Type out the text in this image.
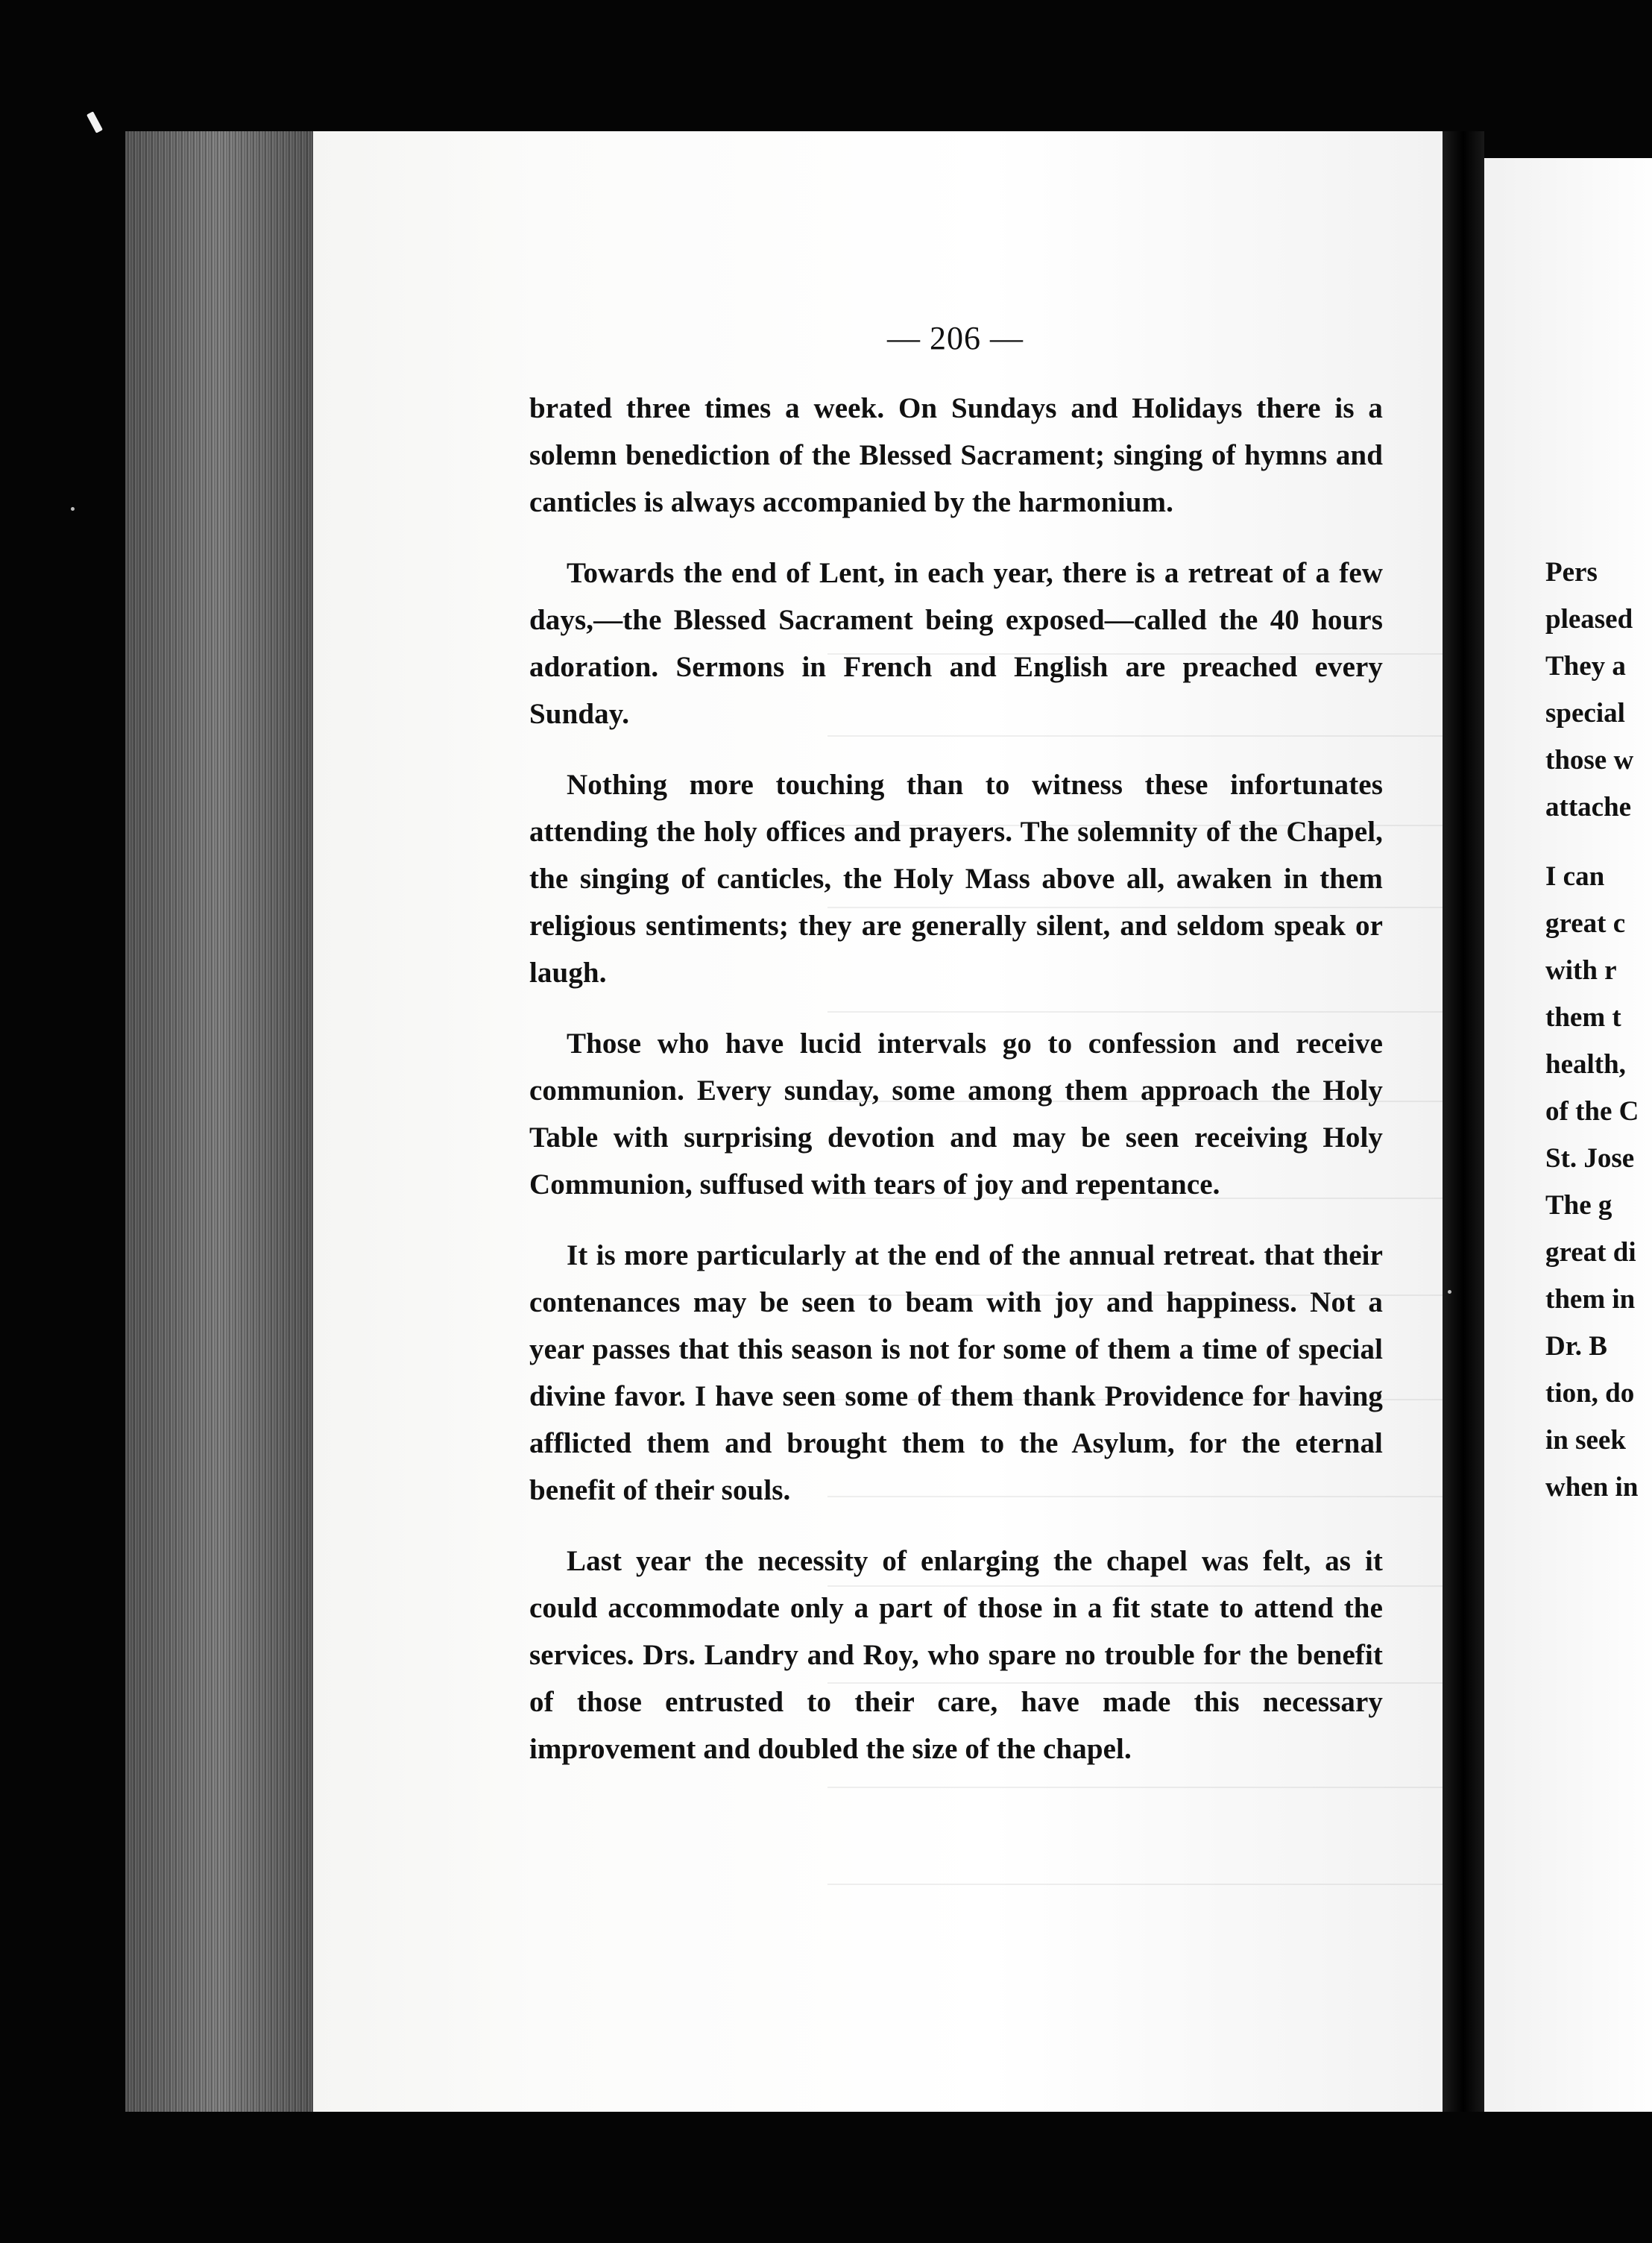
Pers
pleased
They a
special
those w
attache
I can
great c
with r
them t
health,
of the C
St. Jose
The g
great di
them in
Dr. B
tion, do
in seek
when in
— 206 —

brated three times a week. On Sundays and Holidays there is a solemn benediction of the Blessed Sacrament; singing of hymns and canticles is always accompanied by the harmonium.

Towards the end of Lent, in each year, there is a retreat of a few days,—the Blessed Sacrament being exposed—called the 40 hours adoration. Sermons in French and English are preached every Sunday.

Nothing more touching than to witness these infortunates attending the holy offices and prayers. The solemnity of the Chapel, the singing of canticles, the Holy Mass above all, awaken in them religious sentiments; they are generally silent, and seldom speak or laugh.

Those who have lucid intervals go to confession and receive communion. Every sunday, some among them approach the Holy Table with surprising devotion and may be seen receiving Holy Communion, suffused with tears of joy and repentance.

It is more particularly at the end of the annual retreat. that their contenances may be seen to beam with joy and happiness. Not a year passes that this season is not for some of them a time of special divine favor. I have seen some of them thank Providence for having afflicted them and brought them to the Asylum, for the eternal benefit of their souls.

Last year the necessity of enlarging the chapel was felt, as it could accommodate only a part of those in a fit state to attend the services. Drs. Landry and Roy, who spare no trouble for the benefit of those entrusted to their care, have made this necessary improvement and doubled the size of the chapel.
